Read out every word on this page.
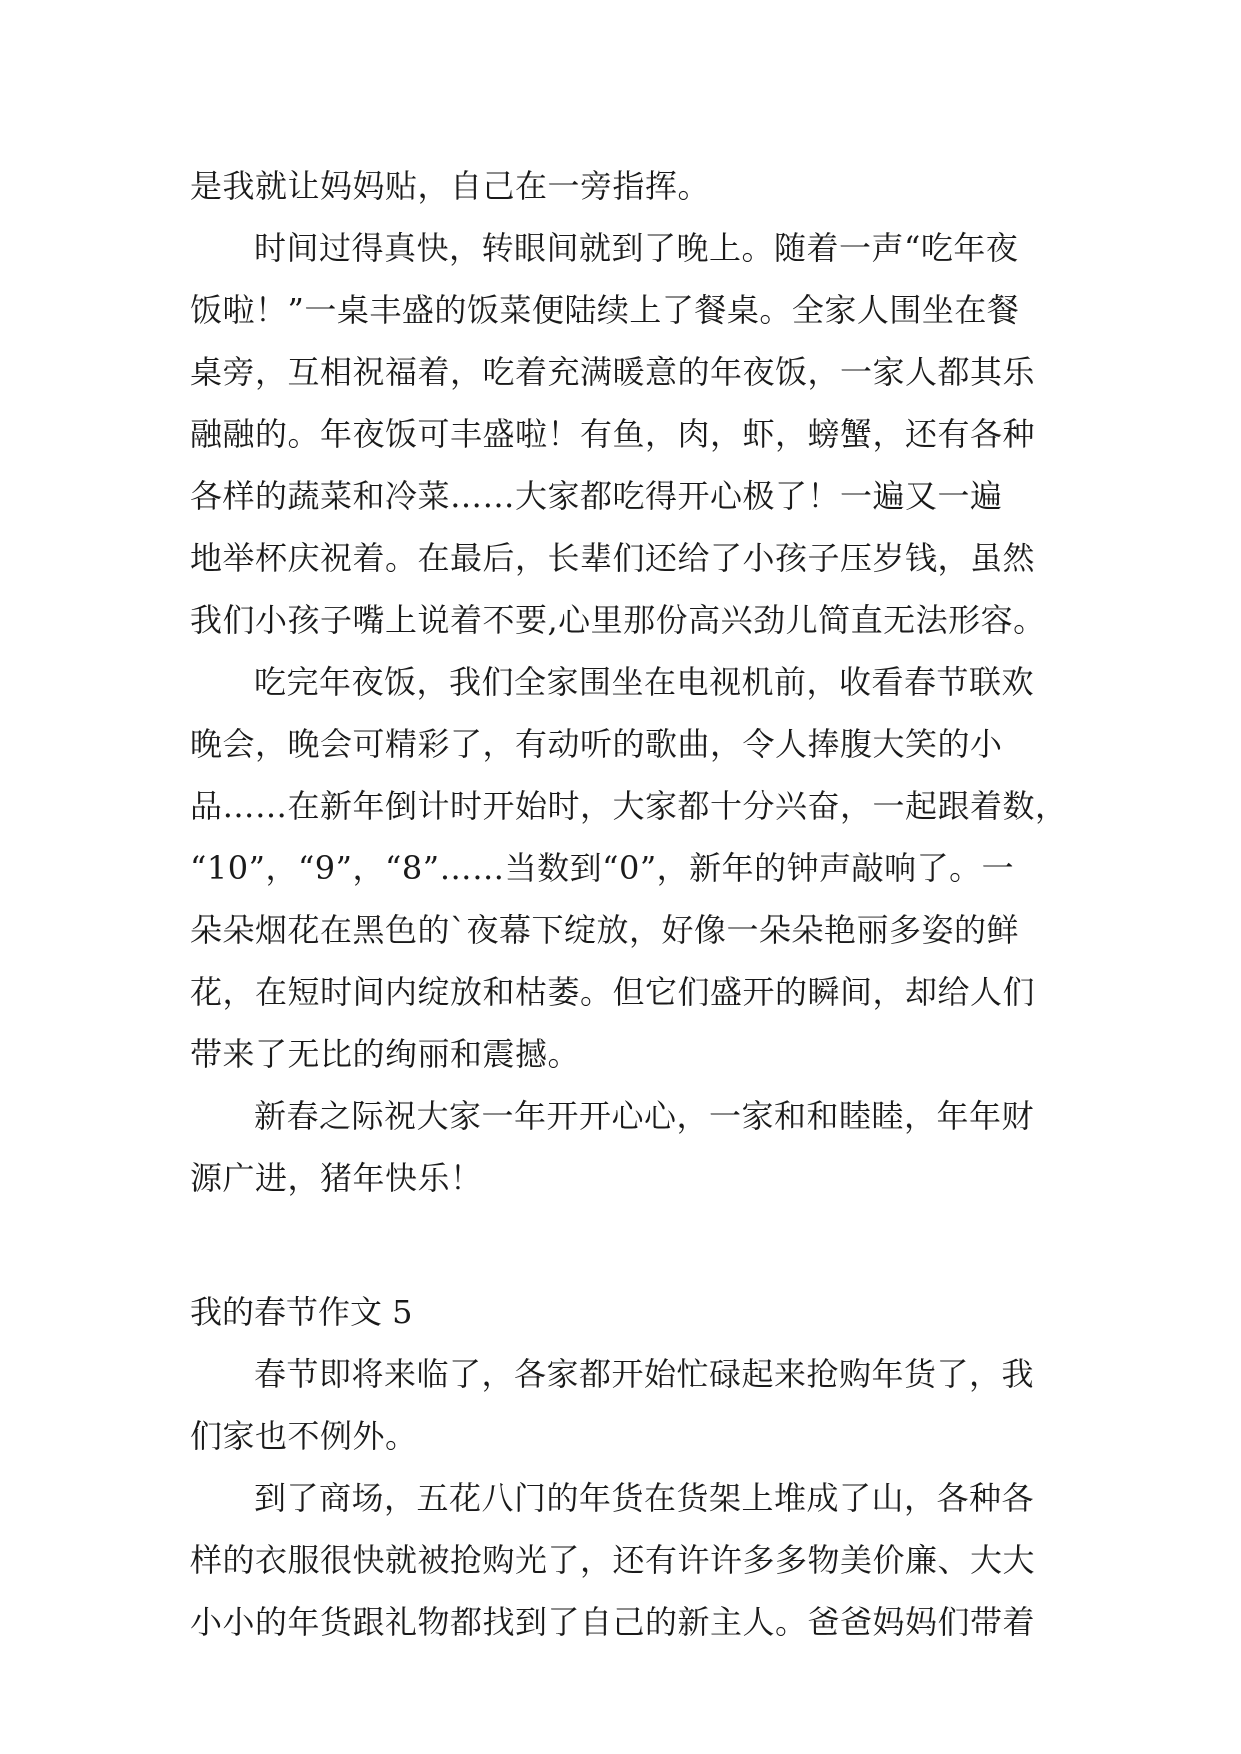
是我就让妈妈贴，自己在一旁指挥。
时间过得真快，转眼间就到了晚上。随着一声“吃年夜
饭啦！”一桌丰盛的饭菜便陆续上了餐桌。全家人围坐在餐
桌旁，互相祝福着，吃着充满暖意的年夜饭，一家人都其乐
融融的。年夜饭可丰盛啦！有鱼，肉，虾，螃蟹，还有各种
各样的蔬菜和冷菜……大家都吃得开心极了！一遍又一遍
地举杯庆祝着。在最后，长辈们还给了小孩子压岁钱，虽然
我们小孩子嘴上说着不要,心里那份高兴劲儿简直无法形容。
吃完年夜饭，我们全家围坐在电视机前，收看春节联欢
晚会，晚会可精彩了，有动听的歌曲，令人捧腹大笑的小
品……在新年倒计时开始时，大家都十分兴奋，一起跟着数，
“10”，“9”，“8”……当数到“0”，新年的钟声敲响了。一
朵朵烟花在黑色的`夜幕下绽放，好像一朵朵艳丽多姿的鲜
花，在短时间内绽放和枯萎。但它们盛开的瞬间，却给人们
带来了无比的绚丽和震撼。
新春之际祝大家一年开开心心，一家和和睦睦，年年财
源广进，猪年快乐！
我的春节作文 5
春节即将来临了，各家都开始忙碌起来抢购年货了，我
们家也不例外。
到了商场，五花八门的年货在货架上堆成了山，各种各
样的衣服很快就被抢购光了，还有许许多多物美价廉、大大
小小的年货跟礼物都找到了自己的新主人。爸爸妈妈们带着
